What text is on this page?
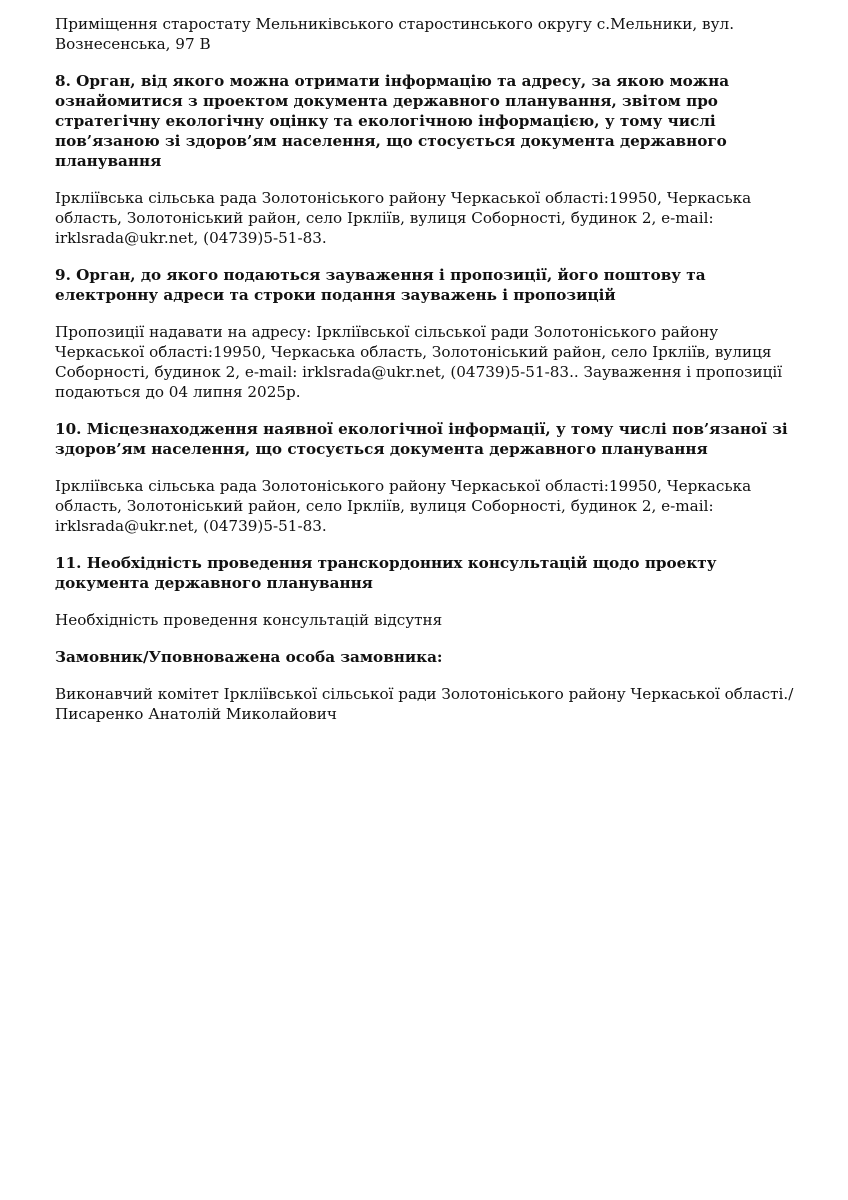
Приміщення старостату Мельниківського старостинського округу с.Мельники, вул. Вознесенська, 97 В

8. Орган, від якого можна отримати інформацію та адресу, за якою можна ознайомитися з проектом документа державного планування, звітом про стратегічну екологічну оцінку та екологічною інформацією, у тому числі пов’язаною зі здоров’ям населення, що стосується документа державного планування

Іркліївська сільська рада Золотоніського району Черкаської області:19950, Черкаська область, Золотоніський район, село Ірклiїв, вулиця Соборності, будинок 2, e-mail: irklsrada@ukr.net, (04739)5-51-83.

9. Орган, до якого подаються зауваження і пропозиції, його поштову та електронну адреси та строки подання зауважень і пропозицій

Пропозиції надавати на адресу: Ірклiївської сільської ради Золотоніського району Черкаської області:19950, Черкаська область, Золотоніський район, село Ірклiїв, вулиця Соборності, будинок 2, e-mail: irklsrada@ukr.net, (04739)5-51-83.. Зауваження і пропозиції подаються до 04 липня 2025р.

10. Місцезнаходження наявної екологічної інформації, у тому числі пов’язаної зі здоров’ям населення, що стосується документа державного планування

Ірклiївська сільська рада Золотоніського району Черкаської області:19950, Черкаська область, Золотоніський район, село Ірклiїв, вулиця Соборності, будинок 2, e-mail: irklsrada@ukr.net, (04739)5-51-83.

11. Необхідність проведення транскордонних консультацій щодо проекту документа державного планування

Необхідність проведення консультацій відсутня

Замовник/Уповноважена особа замовника:

Виконавчий комітет Ірклiївської сільської ради Золотоніського району Черкаської області./Писаренко Анатолій Миколайович
